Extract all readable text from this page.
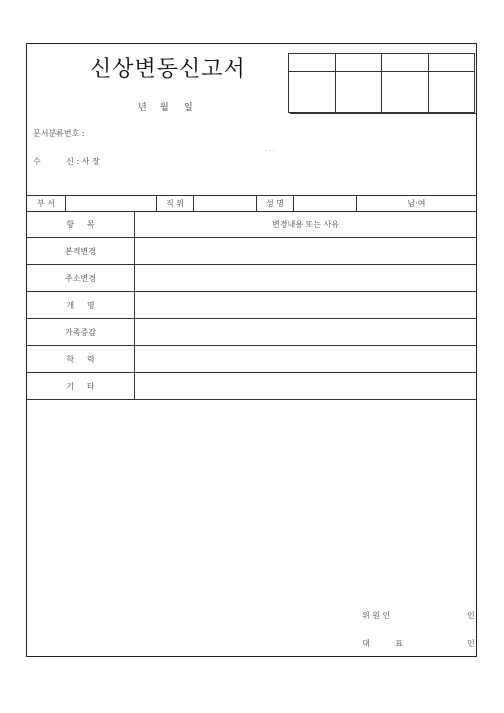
신상변동신고서
년 월 일

문서분류번호 :
. . .
수          신 : 사 장
부 서		직 위		성 명		남·여
항     목	변경내용 또는 사유
본적변경	
주소변경	
개     명	
가족증감	
학     력	
기     타	
위 원 인	인
대          표	인
